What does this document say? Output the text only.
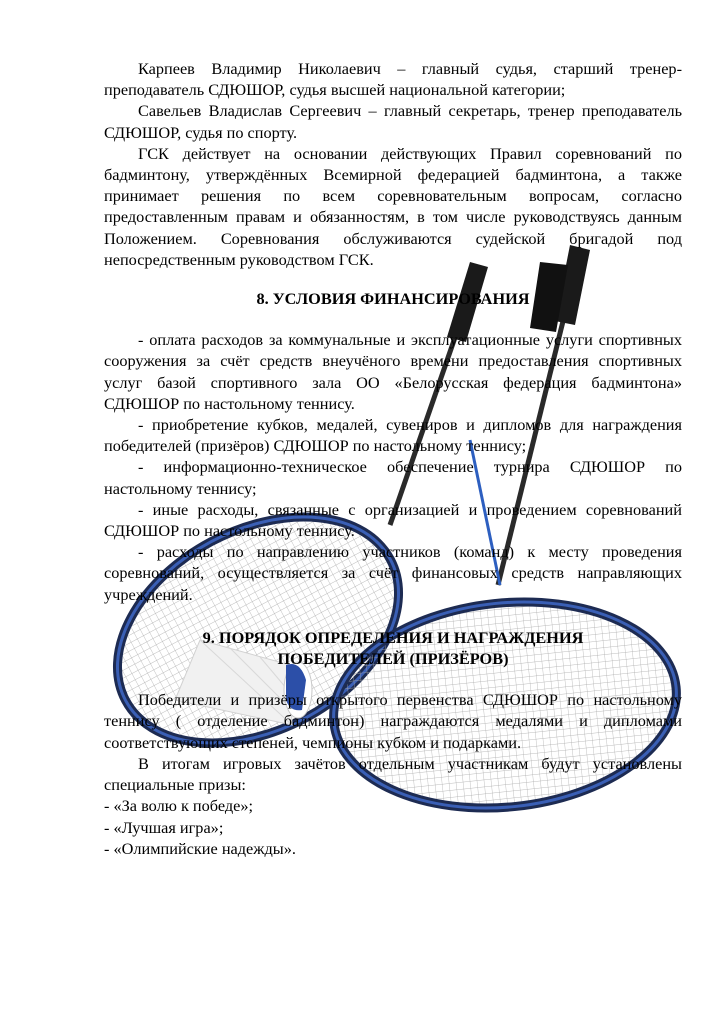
Карпеев Владимир Николаевич – главный судья, старший тренер-преподаватель СДЮШОР, судья высшей национальной категории;

Савельев Владислав Сергеевич – главный секретарь, тренер преподаватель СДЮШОР, судья по спорту.

ГСК действует на основании действующих Правил соревнований по бадминтону, утверждённых Всемирной федерацией бадминтона, а также принимает решения по всем соревновательным вопросам, согласно предоставленным правам и обязанностям, в том числе руководствуясь данным Положением. Соревнования обслуживаются судейской бригадой под непосредственным руководством ГСК.

8. УСЛОВИЯ ФИНАНСИРОВАНИЯ

- оплата расходов за коммунальные и эксплуатационные услуги спортивных сооружения за счёт средств внеучёного времени предоставления спортивных услуг базой спортивного зала ОО «Белорусская федерация бадминтона» СДЮШОР по настольному теннису.

- приобретение кубков, медалей, сувениров и дипломов для награждения победителей (призёров) СДЮШОР по настольному теннису;

- информационно-техническое обеспечение турнира СДЮШОР по настольному теннису;

- иные расходы, связанные с организацией и проведением соревнований СДЮШОР по настольному теннису.

- расходы по направлению участников (команд) к месту проведения соревнований, осуществляется за счёт финансовых средств направляющих учреждений.

9. ПОРЯДОК ОПРЕДЕЛЕНИЯ И НАГРАЖДЕНИЯ ПОБЕДИТЕЛЕЙ (ПРИЗЁРОВ)

Победители и призёры открытого первенства СДЮШОР по настольному теннису ( отделение бадминтон) награждаются медалями и дипломами соответствующих степеней, чемпионы кубком и подарками.

В итогам игровых зачётов отдельным участникам будут установлены специальные призы:

- «За волю к победе»;

- «Лучшая игра»;

- «Олимпийские надежды».
